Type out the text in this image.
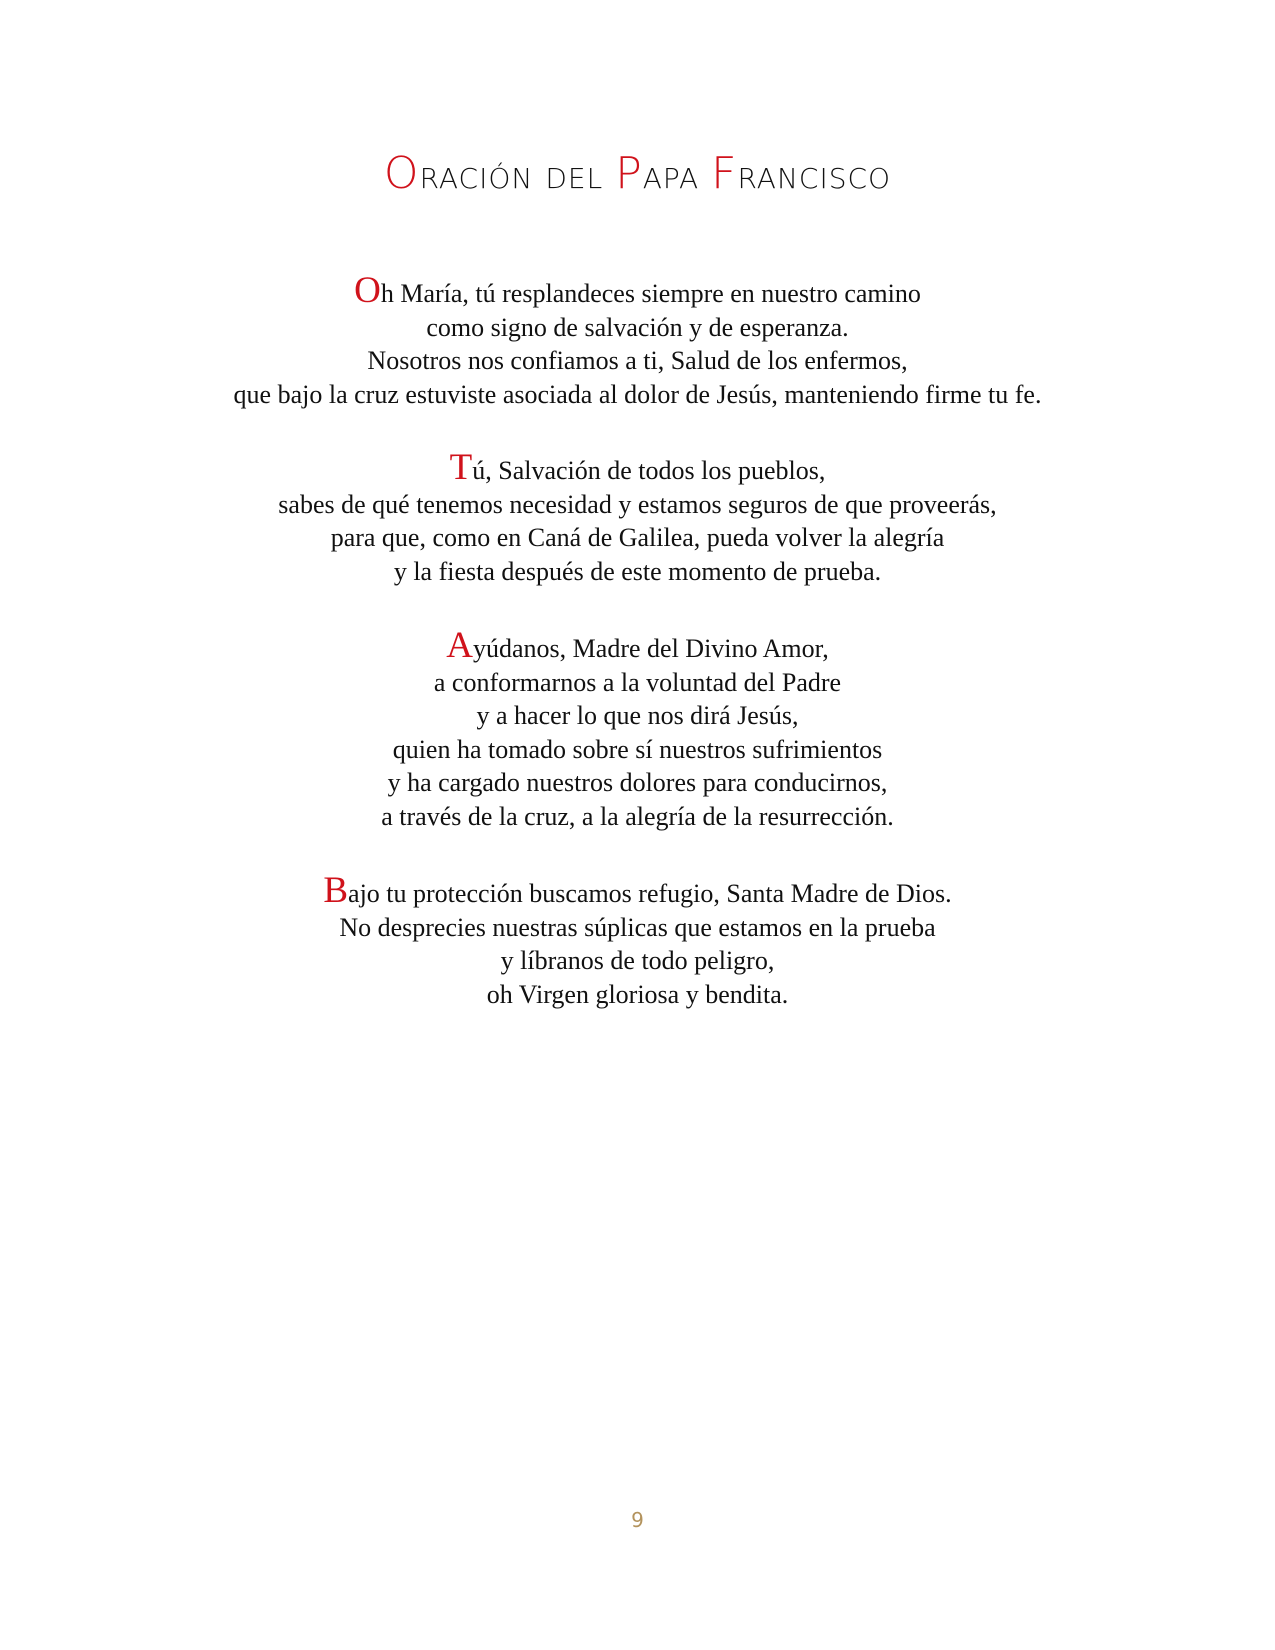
ORACIÓN DEL PAPA FRANCISCO
Oh María, tú resplandeces siempre en nuestro camino
como signo de salvación y de esperanza.
Nosotros nos confiamos a ti, Salud de los enfermos,
que bajo la cruz estuviste asociada al dolor de Jesús, manteniendo firme tu fe.
Tú, Salvación de todos los pueblos,
sabes de qué tenemos necesidad y estamos seguros de que proveerás,
para que, como en Caná de Galilea, pueda volver la alegría
y la fiesta después de este momento de prueba.
Ayúdanos, Madre del Divino Amor,
a conformarnos a la voluntad del Padre
y a hacer lo que nos dirá Jesús,
quien ha tomado sobre sí nuestros sufrimientos
y ha cargado nuestros dolores para conducirnos,
a través de la cruz, a la alegría de la resurrección.
Bajo tu protección buscamos refugio, Santa Madre de Dios.
No desprecies nuestras súplicas que estamos en la prueba
y líbranos de todo peligro,
oh Virgen gloriosa y bendita.
9
